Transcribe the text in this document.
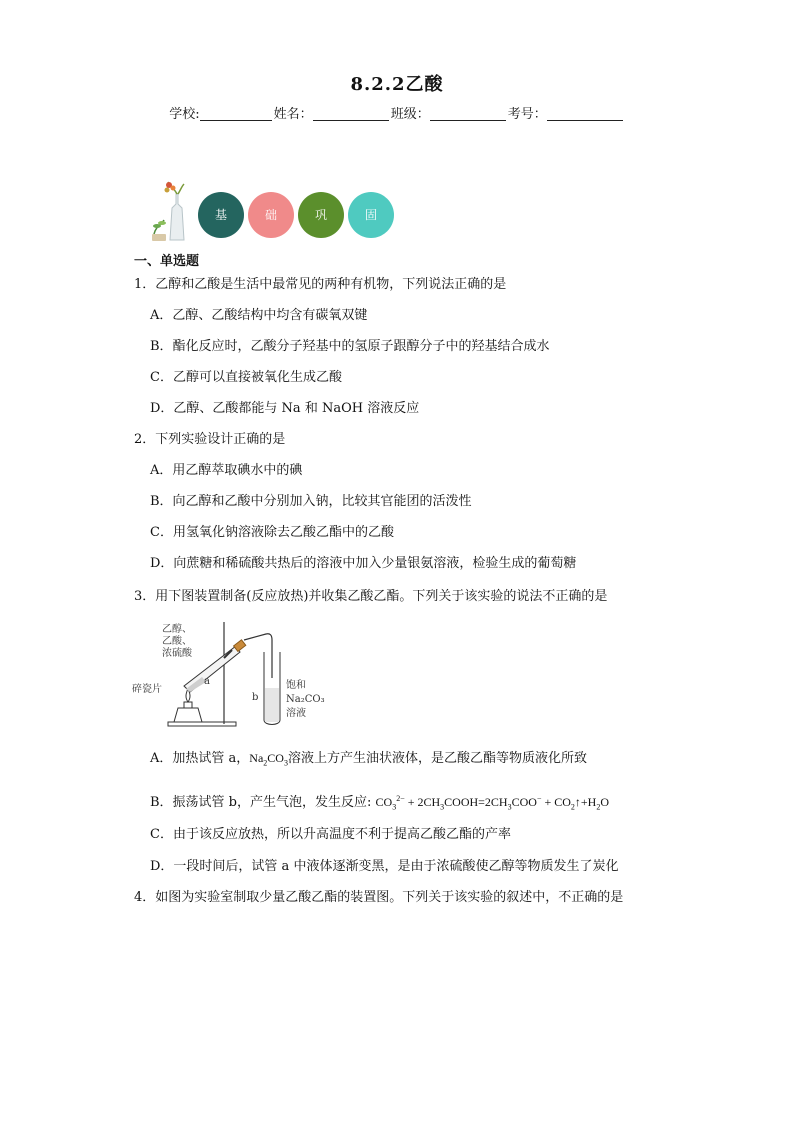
8.2.2乙酸
学校:	姓名：	班级：	考号：
基	础	巩	固
一、单选题
1．乙醇和乙酸是生活中最常见的两种有机物，下列说法正确的是
A．乙醇、乙酸结构中均含有碳氧双键
B．酯化反应时，乙酸分子羟基中的氢原子跟醇分子中的羟基结合成水
C．乙醇可以直接被氧化生成乙酸
D．乙醇、乙酸都能与 Na 和 NaOH 溶液反应
2．下列实验设计正确的是
A．用乙醇萃取碘水中的碘
B．向乙醇和乙酸中分别加入钠，比较其官能团的活泼性
C．用氢氧化钠溶液除去乙酸乙酯中的乙酸
D．向蔗糖和稀硫酸共热后的溶液中加入少量银氨溶液，检验生成的葡萄糖
3．用下图装置制备(反应放热)并收集乙酸乙酯。下列关于该实验的说法不正确的是
乙醇、
乙酸、
浓硫酸
碎瓷片
a
b
饱和
Na₂CO₃
溶液
A．加热试管 a，$Na_2CO_3$溶液上方产生油状液体，是乙酸乙酯等物质液化所致
B．振荡试管 b，产生气泡，发生反应: $CO_3^{2-}$ + $2CH_3COOH=2CH_3COO^-$ + $CO_2↑+H_2O$
C．由于该反应放热，所以升高温度不利于提高乙酸乙酯的产率
D．一段时间后，试管 a 中液体逐渐变黑，是由于浓硫酸使乙醇等物质发生了炭化
4．如图为实验室制取少量乙酸乙酯的装置图。下列关于该实验的叙述中，不正确的是
